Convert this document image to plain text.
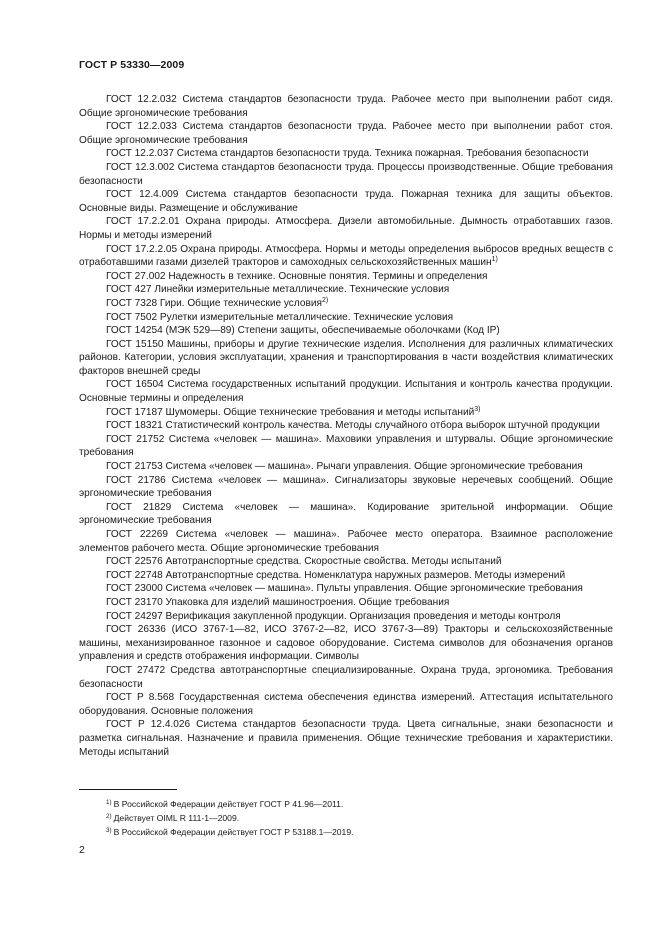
ГОСТ Р 53330—2009

ГОСТ 12.2.032 Система стандартов безопасности труда. Рабочее место при выполнении работ сидя. Общие эргономические требования

ГОСТ 12.2.033 Система стандартов безопасности труда. Рабочее место при выполнении работ стоя. Общие эргономические требования

ГОСТ 12.2.037 Система стандартов безопасности труда. Техника пожарная. Требования безопасности

ГОСТ 12.3.002 Система стандартов безопасности труда. Процессы производственные. Общие требования безопасности

ГОСТ 12.4.009 Система стандартов безопасности труда. Пожарная техника для защиты объектов. Основные виды. Размещение и обслуживание

ГОСТ 17.2.2.01 Охрана природы. Атмосфера. Дизели автомобильные. Дымность отработавших газов. Нормы и методы измерений

ГОСТ 17.2.2.05 Охрана природы. Атмосфера. Нормы и методы определения выбросов вредных веществ с отработавшими газами дизелей тракторов и самоходных сельскохозяйственных машин$^{1)}$

ГОСТ 27.002 Надежность в технике. Основные понятия. Термины и определения

ГОСТ 427 Линейки измерительные металлические. Технические условия

ГОСТ 7328 Гири. Общие технические условия$^{2)}$

ГОСТ 7502 Рулетки измерительные металлические. Технические условия

ГОСТ 14254 (МЭК 529—89) Степени защиты, обеспечиваемые оболочками (Код IP)

ГОСТ 15150 Машины, приборы и другие технические изделия. Исполнения для различных климатических районов. Категории, условия эксплуатации, хранения и транспортирования в части воздействия климатических факторов внешней среды

ГОСТ 16504 Система государственных испытаний продукции. Испытания и контроль качества продукции. Основные термины и определения

ГОСТ 17187 Шумомеры. Общие технические требования и методы испытаний$^{3)}$

ГОСТ 18321 Статистический контроль качества. Методы случайного отбора выборок штучной продукции

ГОСТ 21752 Система «человек — машина». Маховики управления и штурвалы. Общие эргономические требования

ГОСТ 21753 Система «человек — машина». Рычаги управления. Общие эргономические требования

ГОСТ 21786 Система «человек — машина». Сигнализаторы звуковые неречевых сообщений. Общие эргономические требования

ГОСТ 21829 Система «человек — машина». Кодирование зрительной информации. Общие эргономические требования

ГОСТ 22269 Система «человек — машина». Рабочее место оператора. Взаимное расположение элементов рабочего места. Общие эргономические требования

ГОСТ 22576 Автотранспортные средства. Скоростные свойства. Методы испытаний

ГОСТ 22748 Автотранспортные средства. Номенклатура наружных размеров. Методы измерений

ГОСТ 23000 Система «человек — машина». Пульты управления. Общие эргономические требования

ГОСТ 23170 Упаковка для изделий машиностроения. Общие требования

ГОСТ 24297 Верификация закупленной продукции. Организация проведения и методы контроля

ГОСТ 26336 (ИСО 3767-1—82, ИСО 3767-2—82, ИСО 3767-3—89) Тракторы и сельскохозяйственные машины, механизированное газонное и садовое оборудование. Система символов для обозначения органов управления и средств отображения информации. Символы

ГОСТ 27472 Средства автотранспортные специализированные. Охрана труда, эргономика. Требования безопасности

ГОСТ Р 8.568 Государственная система обеспечения единства измерений. Аттестация испытательного оборудования. Основные положения

ГОСТ Р 12.4.026 Система стандартов безопасности труда. Цвета сигнальные, знаки безопасности и разметка сигнальная. Назначение и правила применения. Общие технические требования и характеристики. Методы испытаний

$^{1)}$ В Российской Федерации действует ГОСТ Р 41.96—2011.

$^{2)}$ Действует OIML R 111-1—2009.

$^{3)}$ В Российской Федерации действует ГОСТ Р 53188.1—2019.

2
